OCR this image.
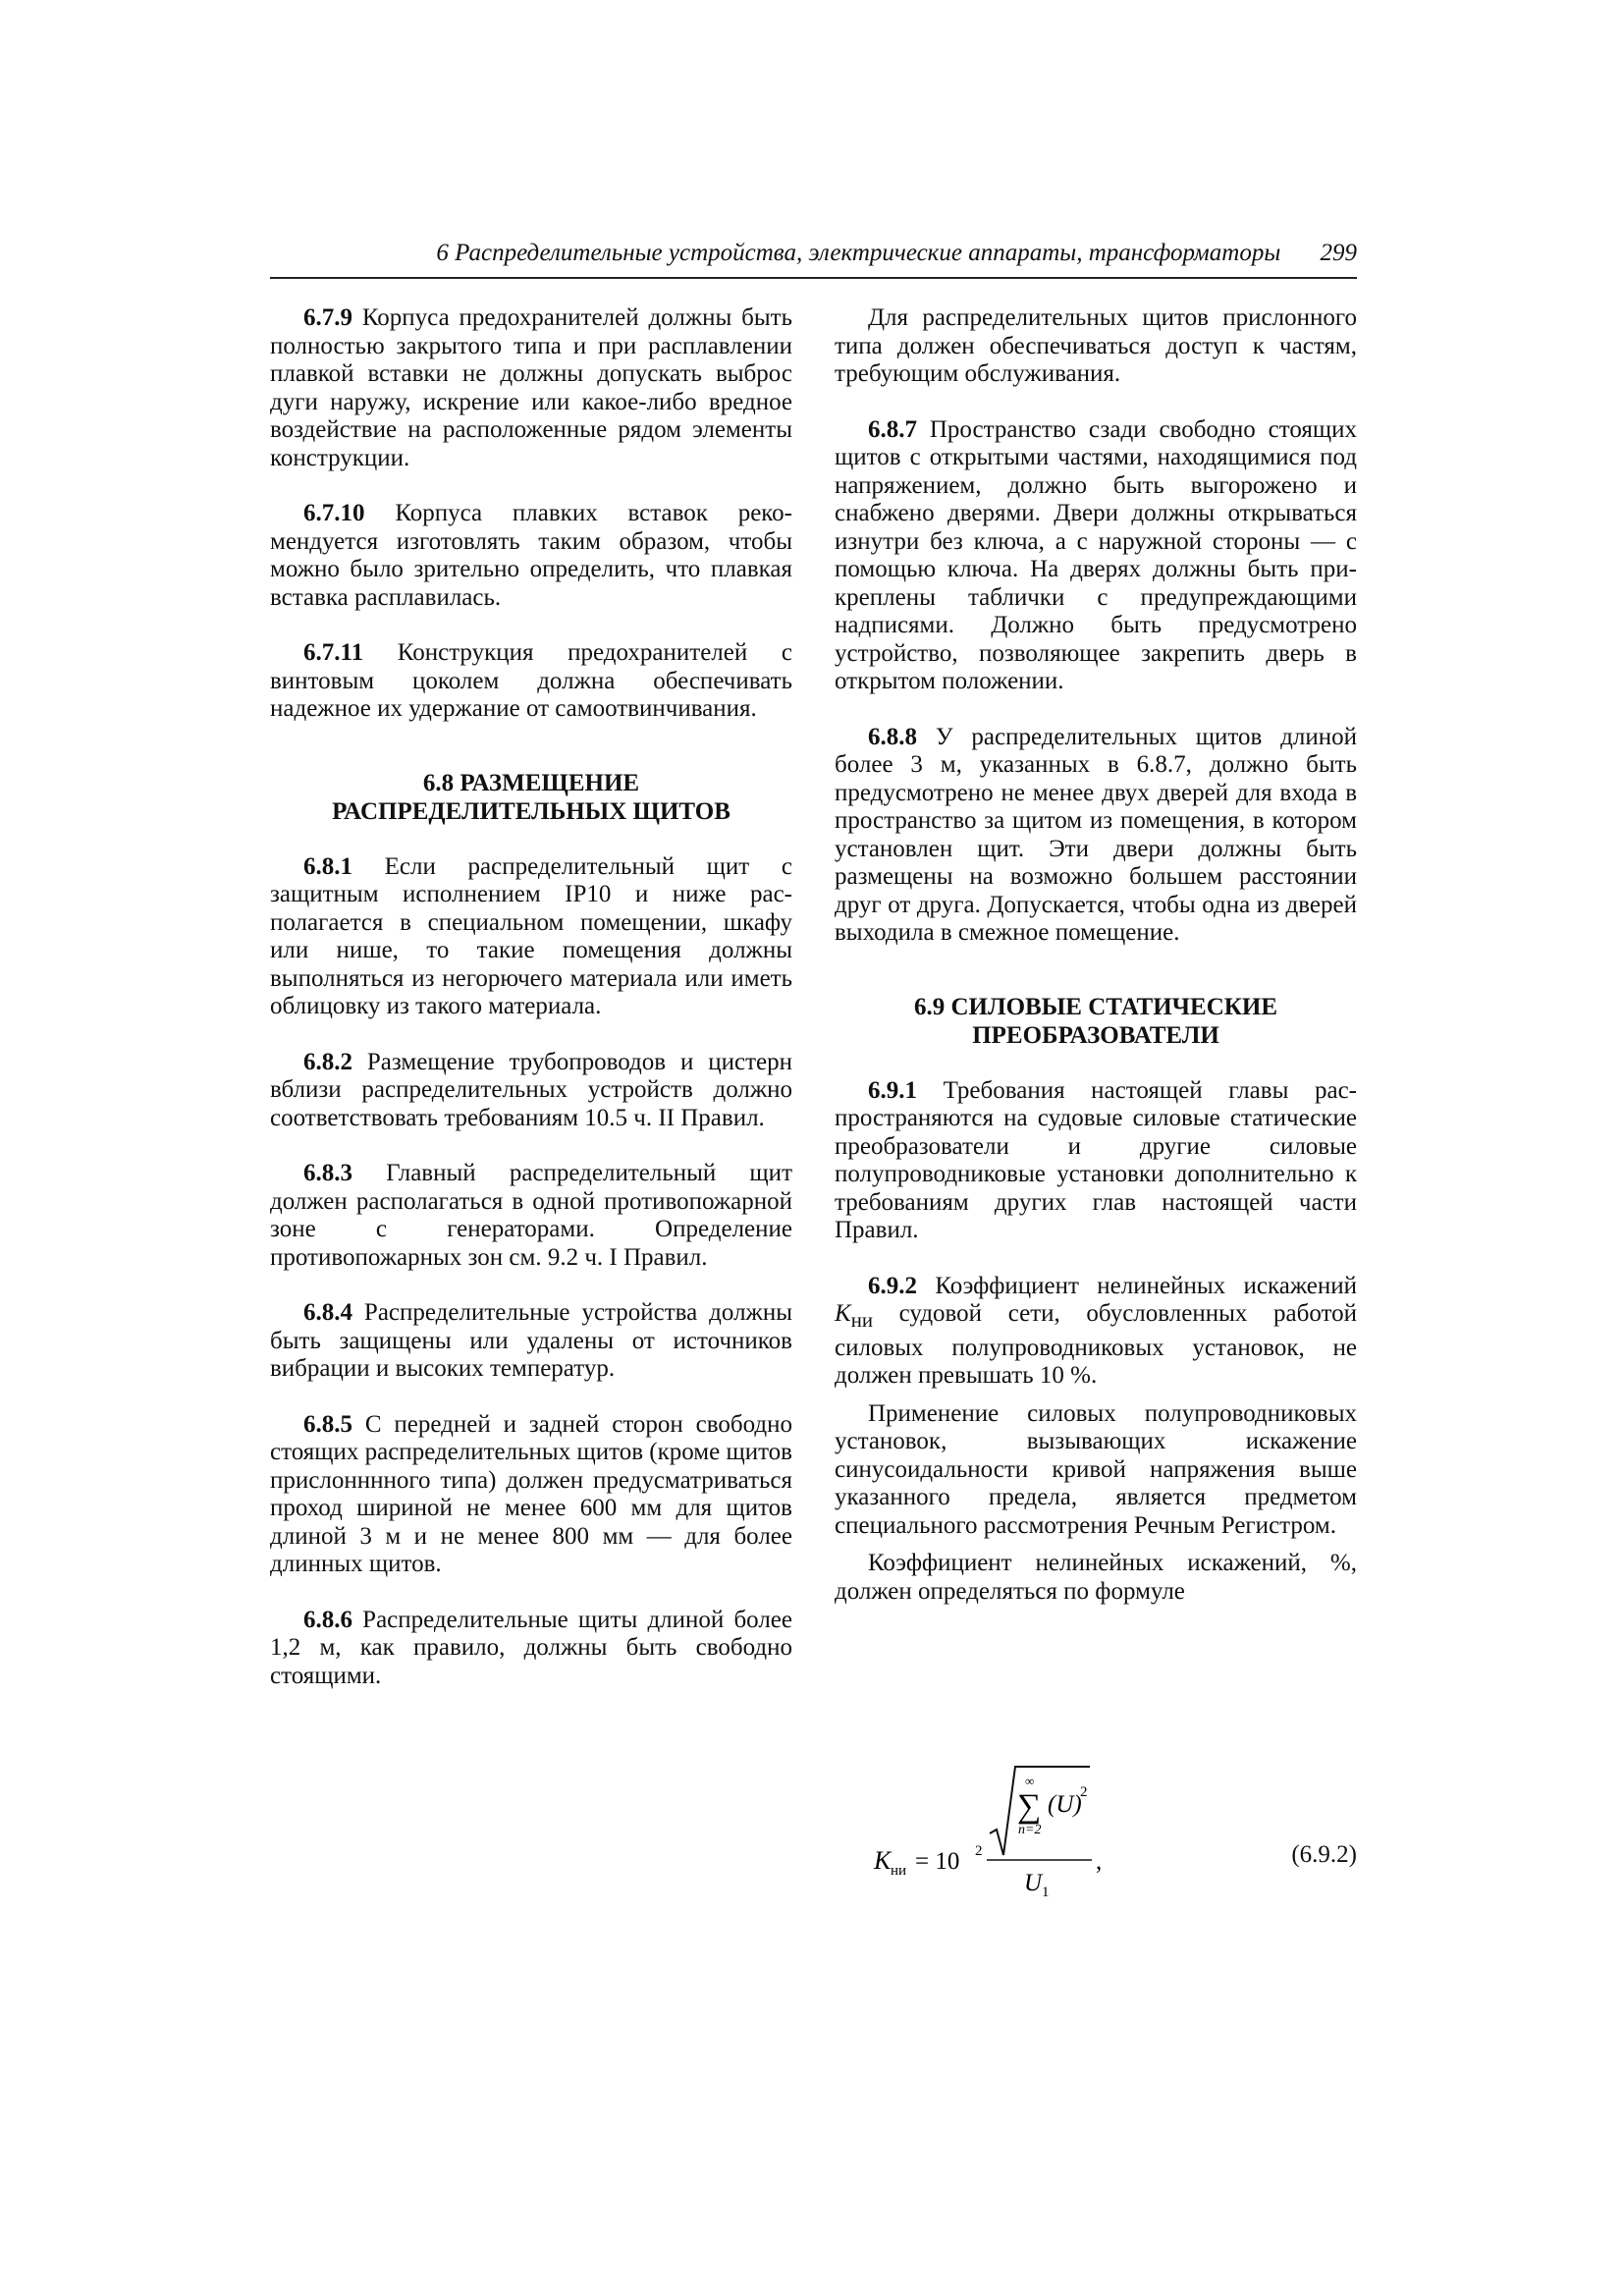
6 Распределительные устройства, электрические аппараты, трансформаторы 299

6.7.9 Корпуса предохранителей должны быть полностью закрытого типа и при расплавлении плавкой вставки не должны допускать выброс дуги наружу, искрение или какое-либо вредное воздействие на расположенные рядом элементы конструкции.

6.7.10 Корпуса плавких вставок рекомендуется изготовлять таким образом, чтобы можно было зрительно определить, что плавкая вставка расплавилась.

6.7.11 Конструкция предохранителей с винтовым цоколем должна обеспечивать надежное их удержание от самоотвинчивания.

6.8 РАЗМЕЩЕНИЕ
РАСПРЕДЕЛИТЕЛЬНЫХ ЩИТОВ

6.8.1 Если распределительный щит с защитным исполнением IP10 и ниже располагается в специальном помещении, шкафу или нише, то такие помещения должны выполняться из негорючего материала или иметь облицовку из такого материала.

6.8.2 Размещение трубопроводов и цистерн вблизи распределительных устройств должно соответствовать требованиям 10.5 ч. II Правил.

6.8.3 Главный распределительный щит должен располагаться в одной противопожарной зоне с генераторами. Определение противопожарных зон см. 9.2 ч. I Правил.

6.8.4 Распределительные устройства должны быть защищены или удалены от источников вибрации и высоких температур.

6.8.5 С передней и задней сторон свободно стоящих распределительных щитов (кроме щитов прислонннного типа) должен предусматриваться проход шириной не менее 600 мм для щитов длиной 3 м и не менее 800 мм — для более длинных щитов.

6.8.6 Распределительные щиты длиной более 1,2 м, как правило, должны быть свободно стоящими.

Для распределительных щитов прислонного типа должен обеспечиваться доступ к частям, требующим обслуживания.

6.8.7 Пространство сзади свободно стоящих щитов с открытыми частями, находящимися под напряжением, должно быть выгорожено и снабжено дверями. Двери должны открываться изнутри без ключа, а с наружной стороны — с помощью ключа. На дверях должны быть прикреплены таблички с предупреждающими надписями. Должно быть предусмотрено устройство, позволяющее закрепить дверь в открытом положении.

6.8.8 У распределительных щитов длиной более 3 м, указанных в 6.8.7, должно быть предусмотрено не менее двух дверей для входа в пространство за щитом из помещения, в котором установлен щит. Эти двери должны быть размещены на возможно большем расстоянии друг от друга. Допускается, чтобы одна из дверей выходила в смежное помещение.

6.9 СИЛОВЫЕ СТАТИЧЕСКИЕ
ПРЕОБРАЗОВАТЕЛИ

6.9.1 Требования настоящей главы распространяются на судовые силовые статические преобразователи и другие силовые полупроводниковые установки дополнительно к требованиям других глав настоящей части Правил.

6.9.2 Коэффициент нелинейных искажений $K_{ни}$ судовой сети, обусловленных работой силовых полупроводниковых установок, не должен превышать 10 %.

Применение силовых полупроводниковых установок, вызывающих искажение синусоидальности кривой напряжения выше указанного предела, является предметом специального рассмотрения Речным Регистром.

Коэффициент нелинейных искажений, %, должен определяться по формуле

K ни = 10 2
∞
∑
n=2
(U)
2
U 1
,	(6.9.2)
